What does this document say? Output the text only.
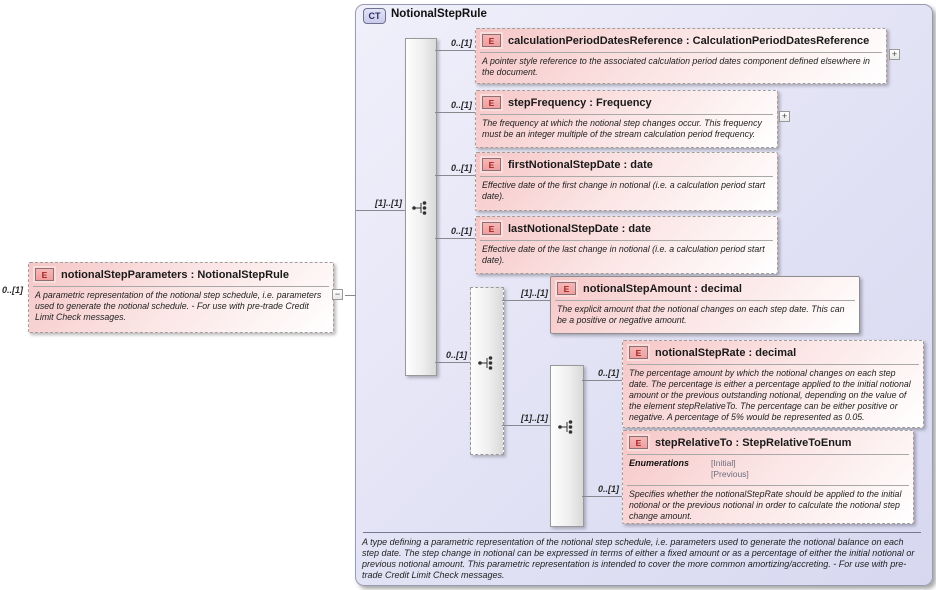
CT NotionalStepRule
0..[1]
E	notionalStepParameters : NotionalStepRule
A parametric representation of the notional step schedule, i.e. parameters used to generate the notional schedule. - For use with pre-trade Credit Limit Check messages.
−
[1]..[1]
0..[1]
0..[1]
0..[1]
0..[1]
0..[1]
E	calculationPeriodDatesReference : CalculationPeriodDatesReference
A pointer style reference to the associated calculation period dates component defined elsewhere in the document.
+
E	stepFrequency : Frequency
The frequency at which the notional step changes occur. This frequency must be an integer multiple of the stream calculation period frequency.
+
E	firstNotionalStepDate : date
Effective date of the first change in notional (i.e. a calculation period start date).
E	lastNotionalStepDate : date
Effective date of the last change in notional (i.e. a calculation period start date).
[1]..[1]
[1]..[1]
E	notionalStepAmount : decimal
The explicit amount that the notional changes on each step date. This can be a positive or negative amount.
0..[1]
0..[1]
E	notionalStepRate : decimal
The percentage amount by which the notional changes on each step date. The percentage is either a percentage applied to the initial notional amount or the previous outstanding notional, depending on the value of the element stepRelativeTo. The percentage can be either positive or negative. A percentage of 5% would be represented as 0.05.
E	stepRelativeTo : StepRelativeToEnum
Enumerations	[Initial]
[Previous]
Specifies whether the notionalStepRate should be applied to the initial notional or the previous notional in order to calculate the notional step change amount.
A type defining a parametric representation of the notional step schedule, i.e. parameters used to generate the notional balance on each step date. The step change in notional can be expressed in terms of either a fixed amount or as a percentage of either the initial notional or previous notional amount. This parametric representation is intended to cover the more common amortizing/accreting. - For use with pre-trade Credit Limit Check messages.
